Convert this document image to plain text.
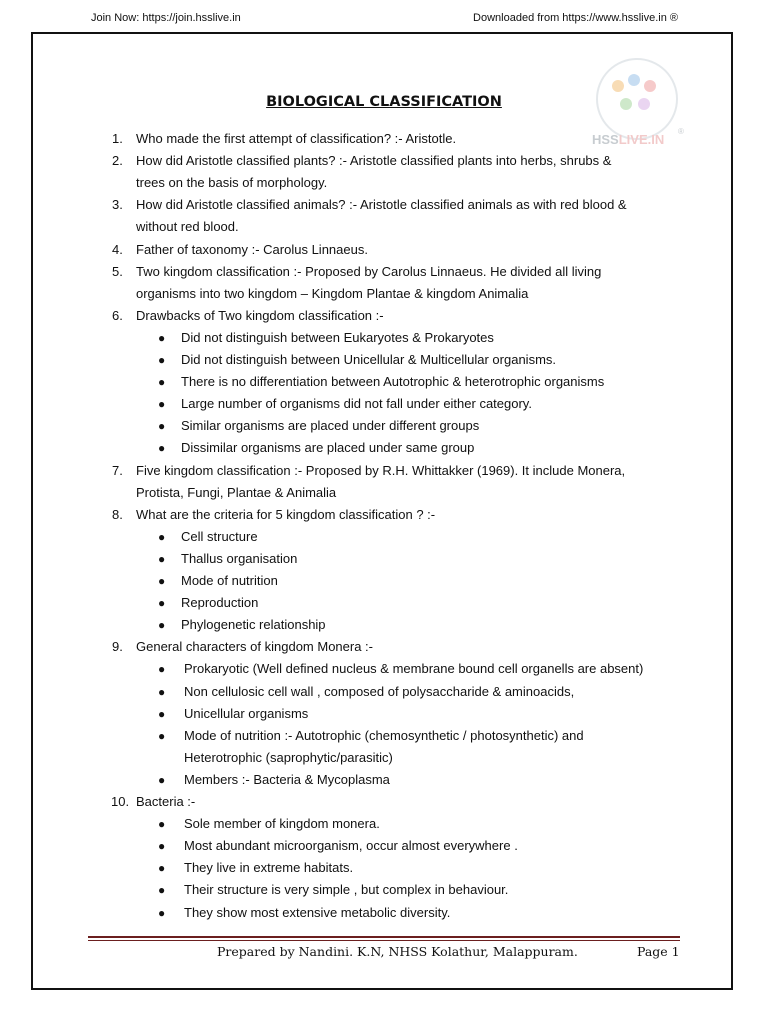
Join Now: https://join.hsslive.in	Downloaded from https://www.hsslive.in ®
HSSLIVE.IN
®
BIOLOGICAL CLASSIFICATION
1. Who made the first attempt of classification? :- Aristotle.
2. How did Aristotle classified plants? :- Aristotle classified plants into herbs, shrubs &
trees on the basis of morphology.
3. How did Aristotle classified animals? :- Aristotle classified animals as with red blood &
without red blood.
4. Father of taxonomy :- Carolus Linnaeus.
5. Two kingdom classification :- Proposed by Carolus Linnaeus. He divided all living
organisms into two kingdom – Kingdom Plantae & kingdom Animalia
6. Drawbacks of Two kingdom classification :-
● Did not distinguish between Eukaryotes & Prokaryotes
● Did not distinguish between Unicellular & Multicellular organisms.
● There is no differentiation between Autotrophic & heterotrophic organisms
● Large number of organisms did not fall under either category.
● Similar organisms are placed under different groups
● Dissimilar organisms are placed under same group
7. Five kingdom classification :- Proposed by R.H. Whittakker (1969). It include Monera,
Protista, Fungi, Plantae & Animalia
8. What are the criteria for 5 kingdom classification ? :-
● Cell structure
● Thallus organisation
● Mode of nutrition
● Reproduction
● Phylogenetic relationship
9. General characters of kingdom Monera :-
● Prokaryotic (Well defined nucleus & membrane bound cell organells are absent)
● Non cellulosic cell wall , composed of polysaccharide & aminoacids,
● Unicellular organisms
● Mode of nutrition :- Autotrophic (chemosynthetic / photosynthetic) and
Heterotrophic (saprophytic/parasitic)
● Members :- Bacteria & Mycoplasma
10. Bacteria :-
● Sole member of kingdom monera.
● Most abundant microorganism, occur almost everywhere .
● They live in extreme habitats.
● Their structure is very simple , but complex in behaviour.
● They show most extensive metabolic diversity.
Prepared by Nandini. K.N, NHSS Kolathur, Malappuram.	Page 1
